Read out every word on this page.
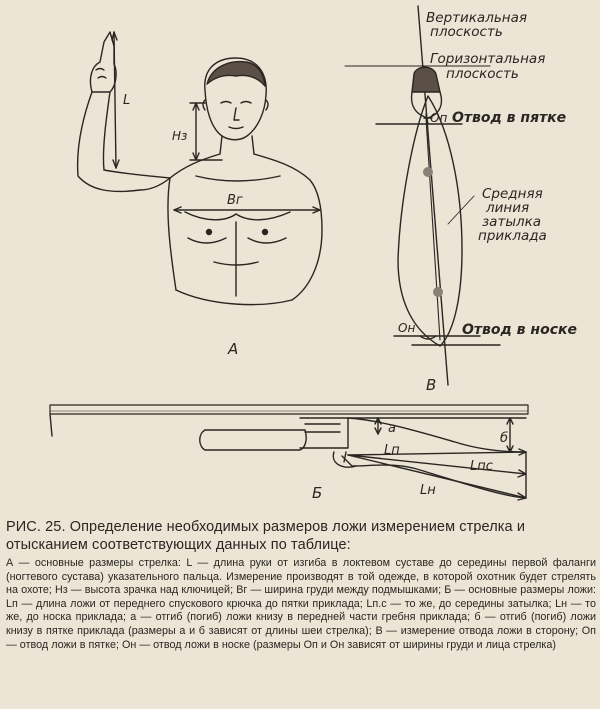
Вертикальная
плоскость
Горизонтальная
плоскость
Оп Отвод в пятке
Средняя
линия
затылка
приклада
Он	Отвод в носке
L
Нз
Вг
А
В
Б
а
б
Lп
Lпс
Lн
РИС. 25. Определение необходимых размеров ложи измерением стрелка и отысканием соответствующих данных по таблице:

А — основные размеры стрелка: L — длина руки от изгиба в локтевом суставе до середины первой фаланги (ногтевого сустава) указательного пальца. Измерение производят в той одежде, в которой охотник будет стрелять на охоте; Нз — высота зрачка над ключицей; Вг — ширина груди между подмышками; Б — основные размеры ложи: Lп — длина ложи от переднего спускового крючка до пятки приклада; Lп.с — то же, до середины затылка; Lн — то же, до носка приклада; а — отгиб (погиб) ложи книзу в передней части гребня приклада; б — отгиб (погиб) ложи книзу в пятке приклада (размеры а и б зависят от длины шеи стрелка); В — измерение отвода ложи в сторону; Оп — отвод ложи в пятке; Он — отвод ложи в носке (размеры Оп и Он зависят от ширины груди и лица стрелка)
